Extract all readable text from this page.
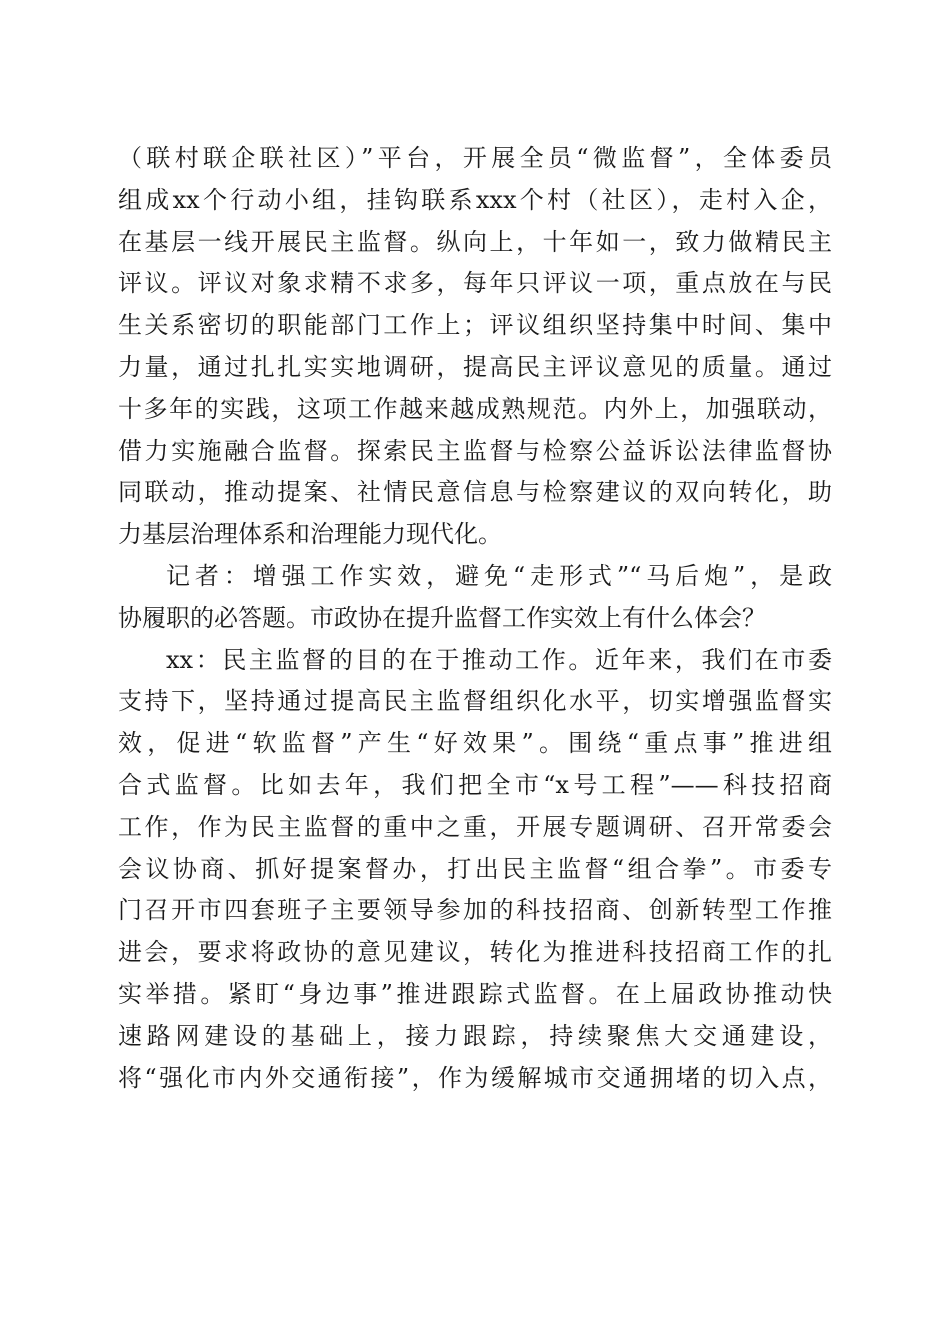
（联村联企联社区）”平台，开展全员“微监督”，全体委员
组成xx个行动小组，挂钩联系xxx个村（社区），走村入企，
在基层一线开展民主监督。纵向上，十年如一，致力做精民主
评议。评议对象求精不求多，每年只评议一项，重点放在与民
生关系密切的职能部门工作上；评议组织坚持集中时间、集中
力量，通过扎扎实实地调研，提高民主评议意见的质量。通过
十多年的实践，这项工作越来越成熟规范。内外上，加强联动，
借力实施融合监督。探索民主监督与检察公益诉讼法律监督协
同联动，推动提案、社情民意信息与检察建议的双向转化，助
力基层治理体系和治理能力现代化。
记者：增强工作实效，避免“走形式”“马后炮”，是政
协履职的必答题。市政协在提升监督工作实效上有什么体会？
xx：民主监督的目的在于推动工作。近年来，我们在市委
支持下，坚持通过提高民主监督组织化水平，切实增强监督实
效，促进“软监督”产生“好效果”。围绕“重点事”推进组
合式监督。比如去年，我们把全市“x号工程”——科技招商
工作，作为民主监督的重中之重，开展专题调研、召开常委会
会议协商、抓好提案督办，打出民主监督“组合拳”。市委专
门召开市四套班子主要领导参加的科技招商、创新转型工作推
进会，要求将政协的意见建议，转化为推进科技招商工作的扎
实举措。紧盯“身边事”推进跟踪式监督。在上届政协推动快
速路网建设的基础上，接力跟踪，持续聚焦大交通建设，
将“强化市内外交通衔接”，作为缓解城市交通拥堵的切入点，
